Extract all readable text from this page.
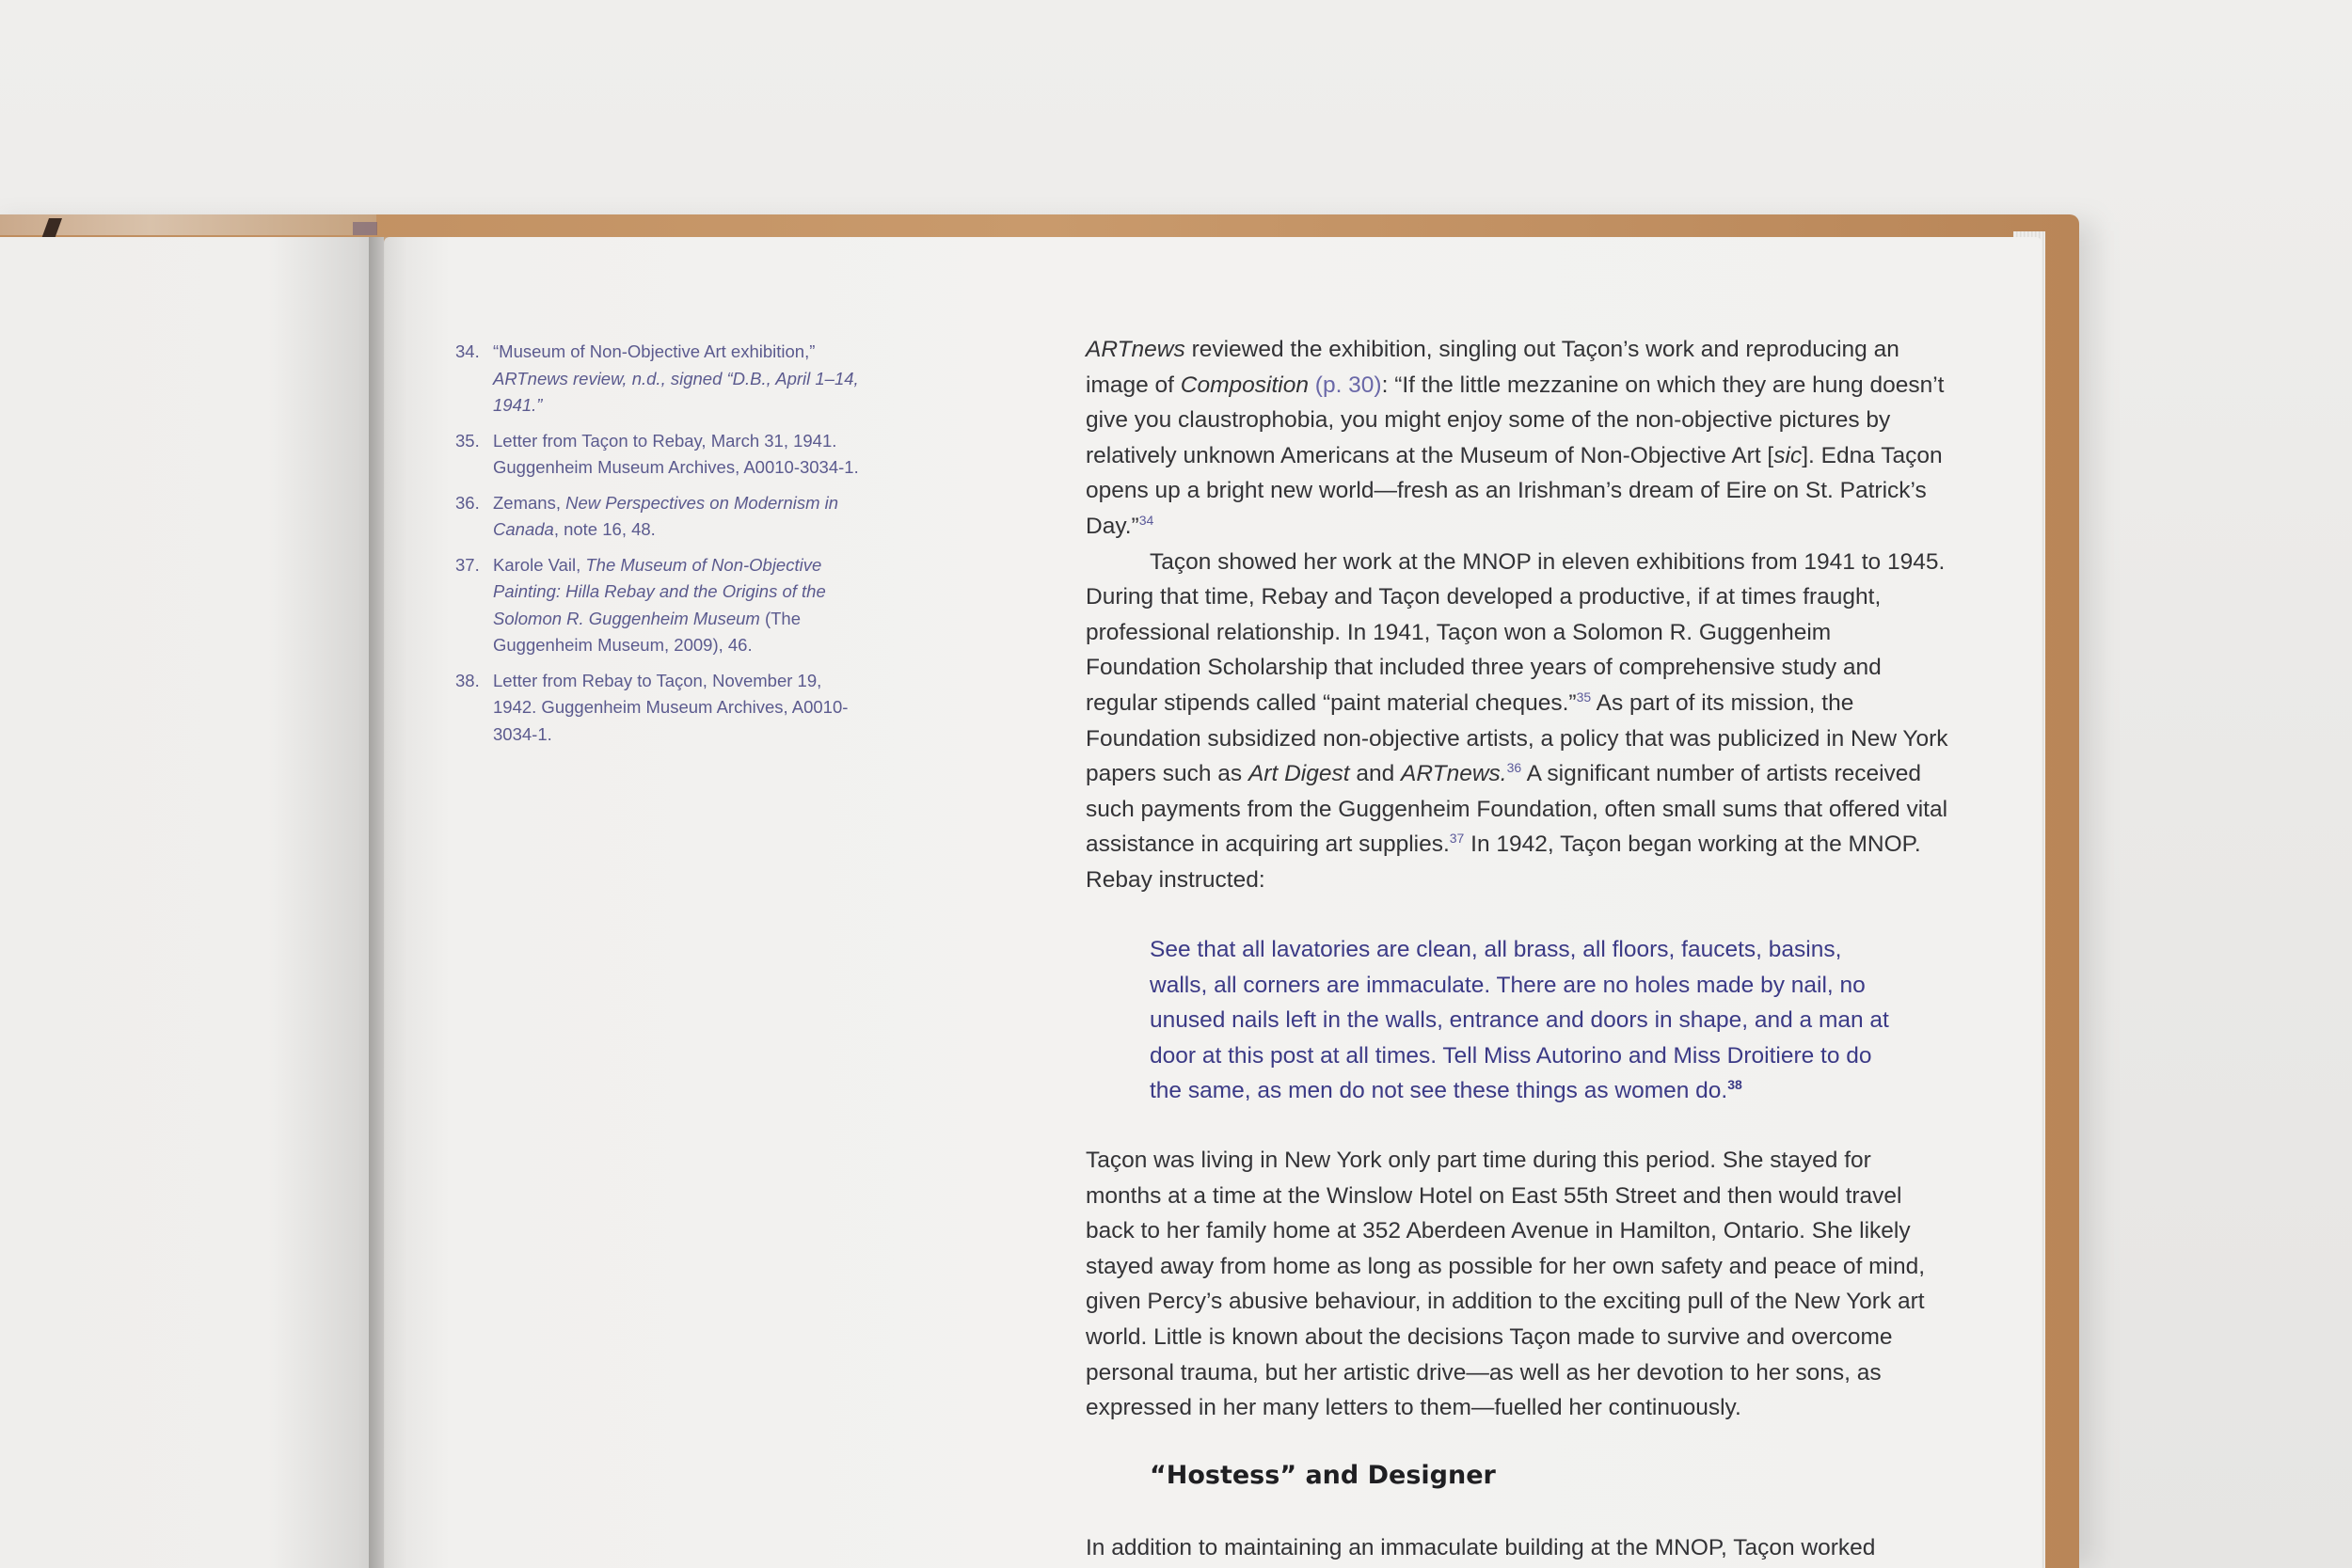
34. “Museum of Non-Objective Art exhibition,” ARTnews review, n.d., signed “D.B., April 1–14, 1941.”
35. Letter from Taçon to Rebay, March 31, 1941. Guggenheim Museum Archives, A0010-3034-1.
36. Zemans, New Perspectives on Modernism in Canada, note 16, 48.
37. Karole Vail, The Museum of Non-Objective Painting: Hilla Rebay and the Origins of the Solomon R. Guggenheim Museum (The Guggenheim Museum, 2009), 46.
38. Letter from Rebay to Taçon, November 19, 1942. Guggenheim Museum Archives, A0010-3034-1.

ARTnews reviewed the exhibition, singling out Taçon’s work and reproducing an image of Composition (p. 30): “If the little mezzanine on which they are hung doesn’t give you claustrophobia, you might enjoy some of the non-objective pictures by relatively unknown Americans at the Museum of Non-Objective Art [sic]. Edna Taçon opens up a bright new world—fresh as an Irishman’s dream of Eire on St. Patrick’s Day.”$^{34}$

Taçon showed her work at the MNOP in eleven exhibitions from 1941 to 1945. During that time, Rebay and Taçon developed a productive, if at times fraught, professional relationship. In 1941, Taçon won a Solomon R. Guggenheim Foundation Scholarship that included three years of comprehensive study and regular stipends called “paint material cheques.”$^{35}$ As part of its mission, the Foundation subsidized non-objective artists, a policy that was publicized in New York papers such as Art Digest and ARTnews.$^{36}$ A significant number of artists received such payments from the Guggenheim Foundation, often small sums that offered vital assistance in acquiring art supplies.$^{37}$ In 1942, Taçon began working at the MNOP. Rebay instructed:

See that all lavatories are clean, all brass, all floors, faucets, basins, walls, all corners are immaculate. There are no holes made by nail, no unused nails left in the walls, entrance and doors in shape, and a man at door at this post at all times. Tell Miss Autorino and Miss Droitiere to do the same, as men do not see these things as women do.$^{38}$

Taçon was living in New York only part time during this period. She stayed for months at a time at the Winslow Hotel on East 55th Street and then would travel back to her family home at 352 Aberdeen Avenue in Hamilton, Ontario. She likely stayed away from home as long as possible for her own safety and peace of mind, given Percy’s abusive behaviour, in addition to the exciting pull of the New York art world. Little is known about the decisions Taçon made to survive and overcome personal trauma, but her artistic drive—as well as her devotion to her sons, as expressed in her many letters to them—fuelled her continuously.

“Hostess” and Designer

In addition to maintaining an immaculate building at the MNOP, Taçon worked
